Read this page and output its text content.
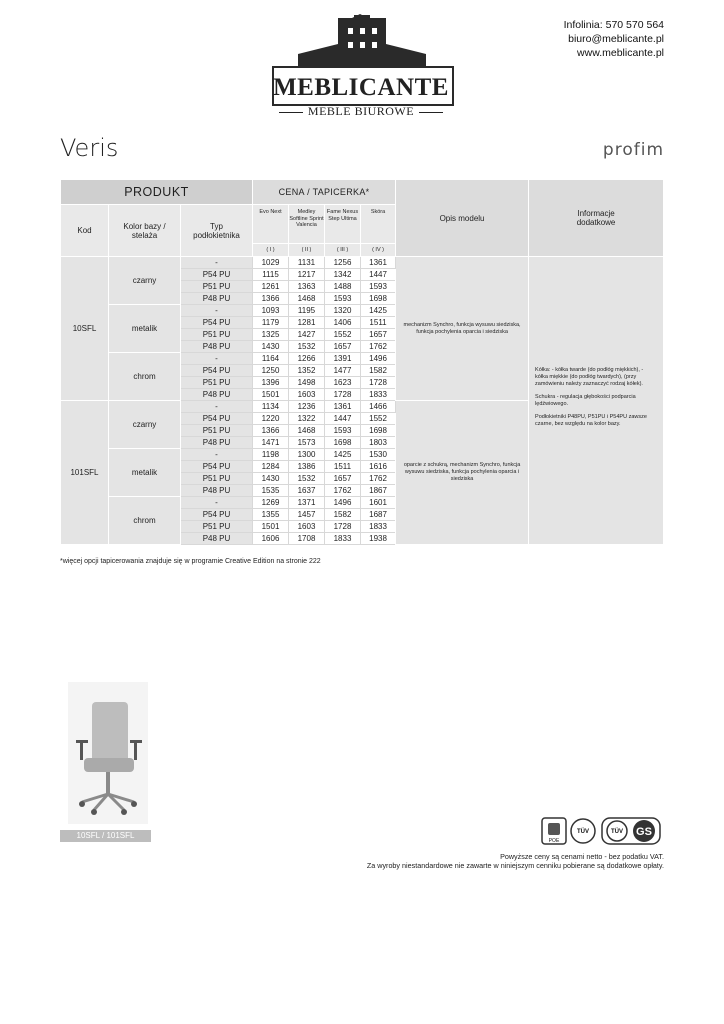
MEBLICANTE
MEBLE BIUROWE
Infolinia: 570 570 564
biuro@meblicante.pl
www.meblicante.pl
Veris	profim
PRODUKT			CENA / TAPICERKA*				Opis modelu	Informacje dodatkowe
Kod	Kolor bazy / stelaża	Typ podłokietnika	Evo Next	Medley Softline Sprint Valencia	Fame Nexus Step Ultima	Skóra		
			( I )	( II )	( III )	( IV )		
10SFL	czarny	-	1029	1131	1256	1361	mechanizm Synchro, funkcja wysuwu siedziska, funkcja pochylenia oparcia i siedziska	Kółka: - kółka twarde (do podłóg miękkich), - kółka miękkie (do podłóg twardych), (przy zamówieniu należy zaznaczyć rodzaj kółek).
Schukra - regulacja głębokości podparcia lędźwiowego.
Podłokietniki P48PU, P51PU i P54PU zawsze czarne, bez względu na kolor bazy.

		P54 PU	1115	1217	1342	1447		
		P51 PU	1261	1363	1488	1593		
		P48 PU	1366	1468	1593	1698		
	metalik	-	1093	1195	1320	1425		
		P54 PU	1179	1281	1406	1511		
		P51 PU	1325	1427	1552	1657		
		P48 PU	1430	1532	1657	1762		
	chrom	-	1164	1266	1391	1496		
		P54 PU	1250	1352	1477	1582		
		P51 PU	1396	1498	1623	1728		
		P48 PU	1501	1603	1728	1833		
101SFL	czarny	-	1134	1236	1361	1466	oparcie z schukrą, mechanizm Synchro, funkcja wysuwu siedziska, funkcja pochylenia oparcia i siedziska	
		P54 PU	1220	1322	1447	1552		
		P51 PU	1366	1468	1593	1698		
		P48 PU	1471	1573	1698	1803		
	metalik	-	1198	1300	1425	1530		
		P54 PU	1284	1386	1511	1616		
		P51 PU	1430	1532	1657	1762		
		P48 PU	1535	1637	1762	1867		
	chrom	-	1269	1371	1496	1601		
		P54 PU	1355	1457	1582	1687		
		P51 PU	1501	1603	1728	1833		
		P48 PU	1606	1708	1833	1938		
*więcej opcji tapicerowania znajduje się w programie Creative Edition na stronie 222
10SFL / 101SFL
POE
TÜV	TÜV GS
Powyższe ceny są cenami netto - bez podatku VAT.
Za wyroby niestandardowe nie zawarte w niniejszym cenniku pobierane są dodatkowe opłaty.
